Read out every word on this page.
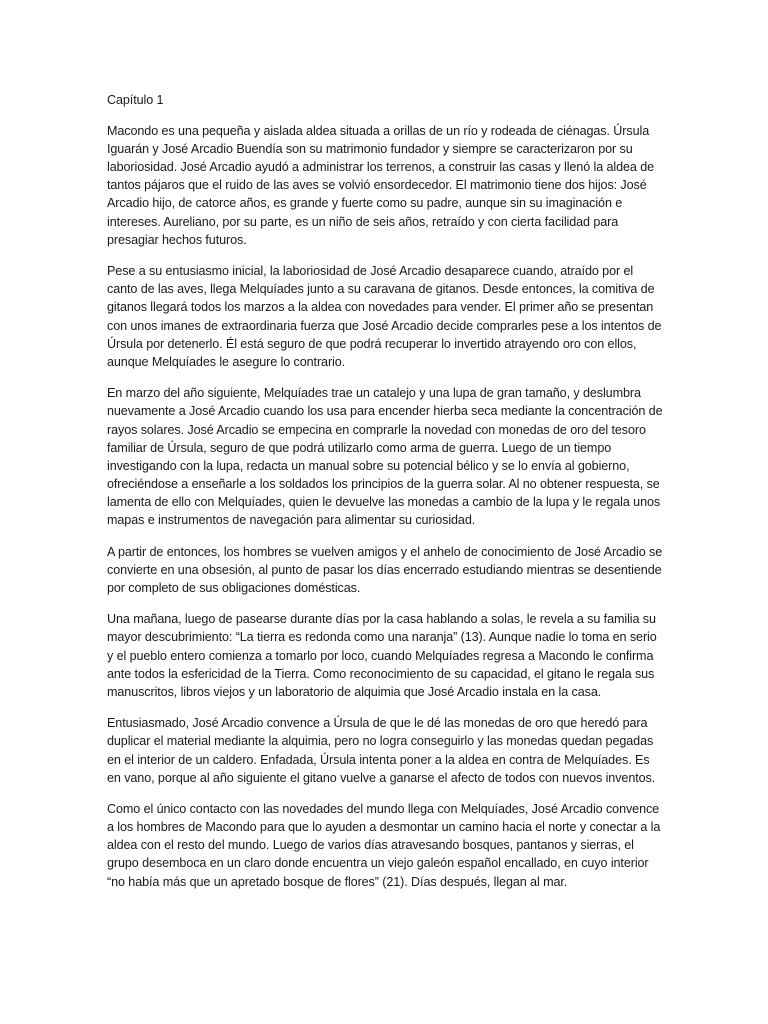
Capítulo 1

Macondo es una pequeña y aislada aldea situada a orillas de un río y rodeada de ciénagas. Úrsula Iguarán y José Arcadio Buendía son su matrimonio fundador y siempre se caracterizaron por su laboriosidad. José Arcadio ayudó a administrar los terrenos, a construir las casas y llenó la aldea de tantos pájaros que el ruido de las aves se volvió ensordecedor. El matrimonio tiene dos hijos: José Arcadio hijo, de catorce años, es grande y fuerte como su padre, aunque sin su imaginación e intereses. Aureliano, por su parte, es un niño de seis años, retraído y con cierta facilidad para presagiar hechos futuros.

Pese a su entusiasmo inicial, la laboriosidad de José Arcadio desaparece cuando, atraído por el canto de las aves, llega Melquíades junto a su caravana de gitanos. Desde entonces, la comitiva de gitanos llegará todos los marzos a la aldea con novedades para vender. El primer año se presentan con unos imanes de extraordinaria fuerza que José Arcadio decide comprarles pese a los intentos de Úrsula por detenerlo. Él está seguro de que podrá recuperar lo invertido atrayendo oro con ellos, aunque Melquíades le asegure lo contrario.

En marzo del año siguiente, Melquíades trae un catalejo y una lupa de gran tamaño, y deslumbra nuevamente a José Arcadio cuando los usa para encender hierba seca mediante la concentración de rayos solares. José Arcadio se empecina en comprarle la novedad con monedas de oro del tesoro familiar de Úrsula, seguro de que podrá utilizarlo como arma de guerra. Luego de un tiempo investigando con la lupa, redacta un manual sobre su potencial bélico y se lo envía al gobierno, ofreciéndose a enseñarle a los soldados los principios de la guerra solar. Al no obtener respuesta, se lamenta de ello con Melquíades, quien le devuelve las monedas a cambio de la lupa y le regala unos mapas e instrumentos de navegación para alimentar su curiosidad.

A partir de entonces, los hombres se vuelven amigos y el anhelo de conocimiento de José Arcadio se convierte en una obsesión, al punto de pasar los días encerrado estudiando mientras se desentiende por completo de sus obligaciones domésticas.

Una mañana, luego de pasearse durante días por la casa hablando a solas, le revela a su familia su mayor descubrimiento: “La tierra es redonda como una naranja” (13). Aunque nadie lo toma en serio y el pueblo entero comienza a tomarlo por loco, cuando Melquíades regresa a Macondo le confirma ante todos la esfericidad de la Tierra. Como reconocimiento de su capacidad, el gitano le regala sus manuscritos, libros viejos y un laboratorio de alquimia que José Arcadio instala en la casa.

Entusiasmado, José Arcadio convence a Úrsula de que le dé las monedas de oro que heredó para duplicar el material mediante la alquimia, pero no logra conseguirlo y las monedas quedan pegadas en el interior de un caldero. Enfadada, Úrsula intenta poner a la aldea en contra de Melquíades. Es en vano, porque al año siguiente el gitano vuelve a ganarse el afecto de todos con nuevos inventos.

Como el único contacto con las novedades del mundo llega con Melquíades, José Arcadio convence a los hombres de Macondo para que lo ayuden a desmontar un camino hacia el norte y conectar a la aldea con el resto del mundo. Luego de varios días atravesando bosques, pantanos y sierras, el grupo desemboca en un claro donde encuentra un viejo galeón español encallado, en cuyo interior “no había más que un apretado bosque de flores” (21). Días después, llegan al mar.
